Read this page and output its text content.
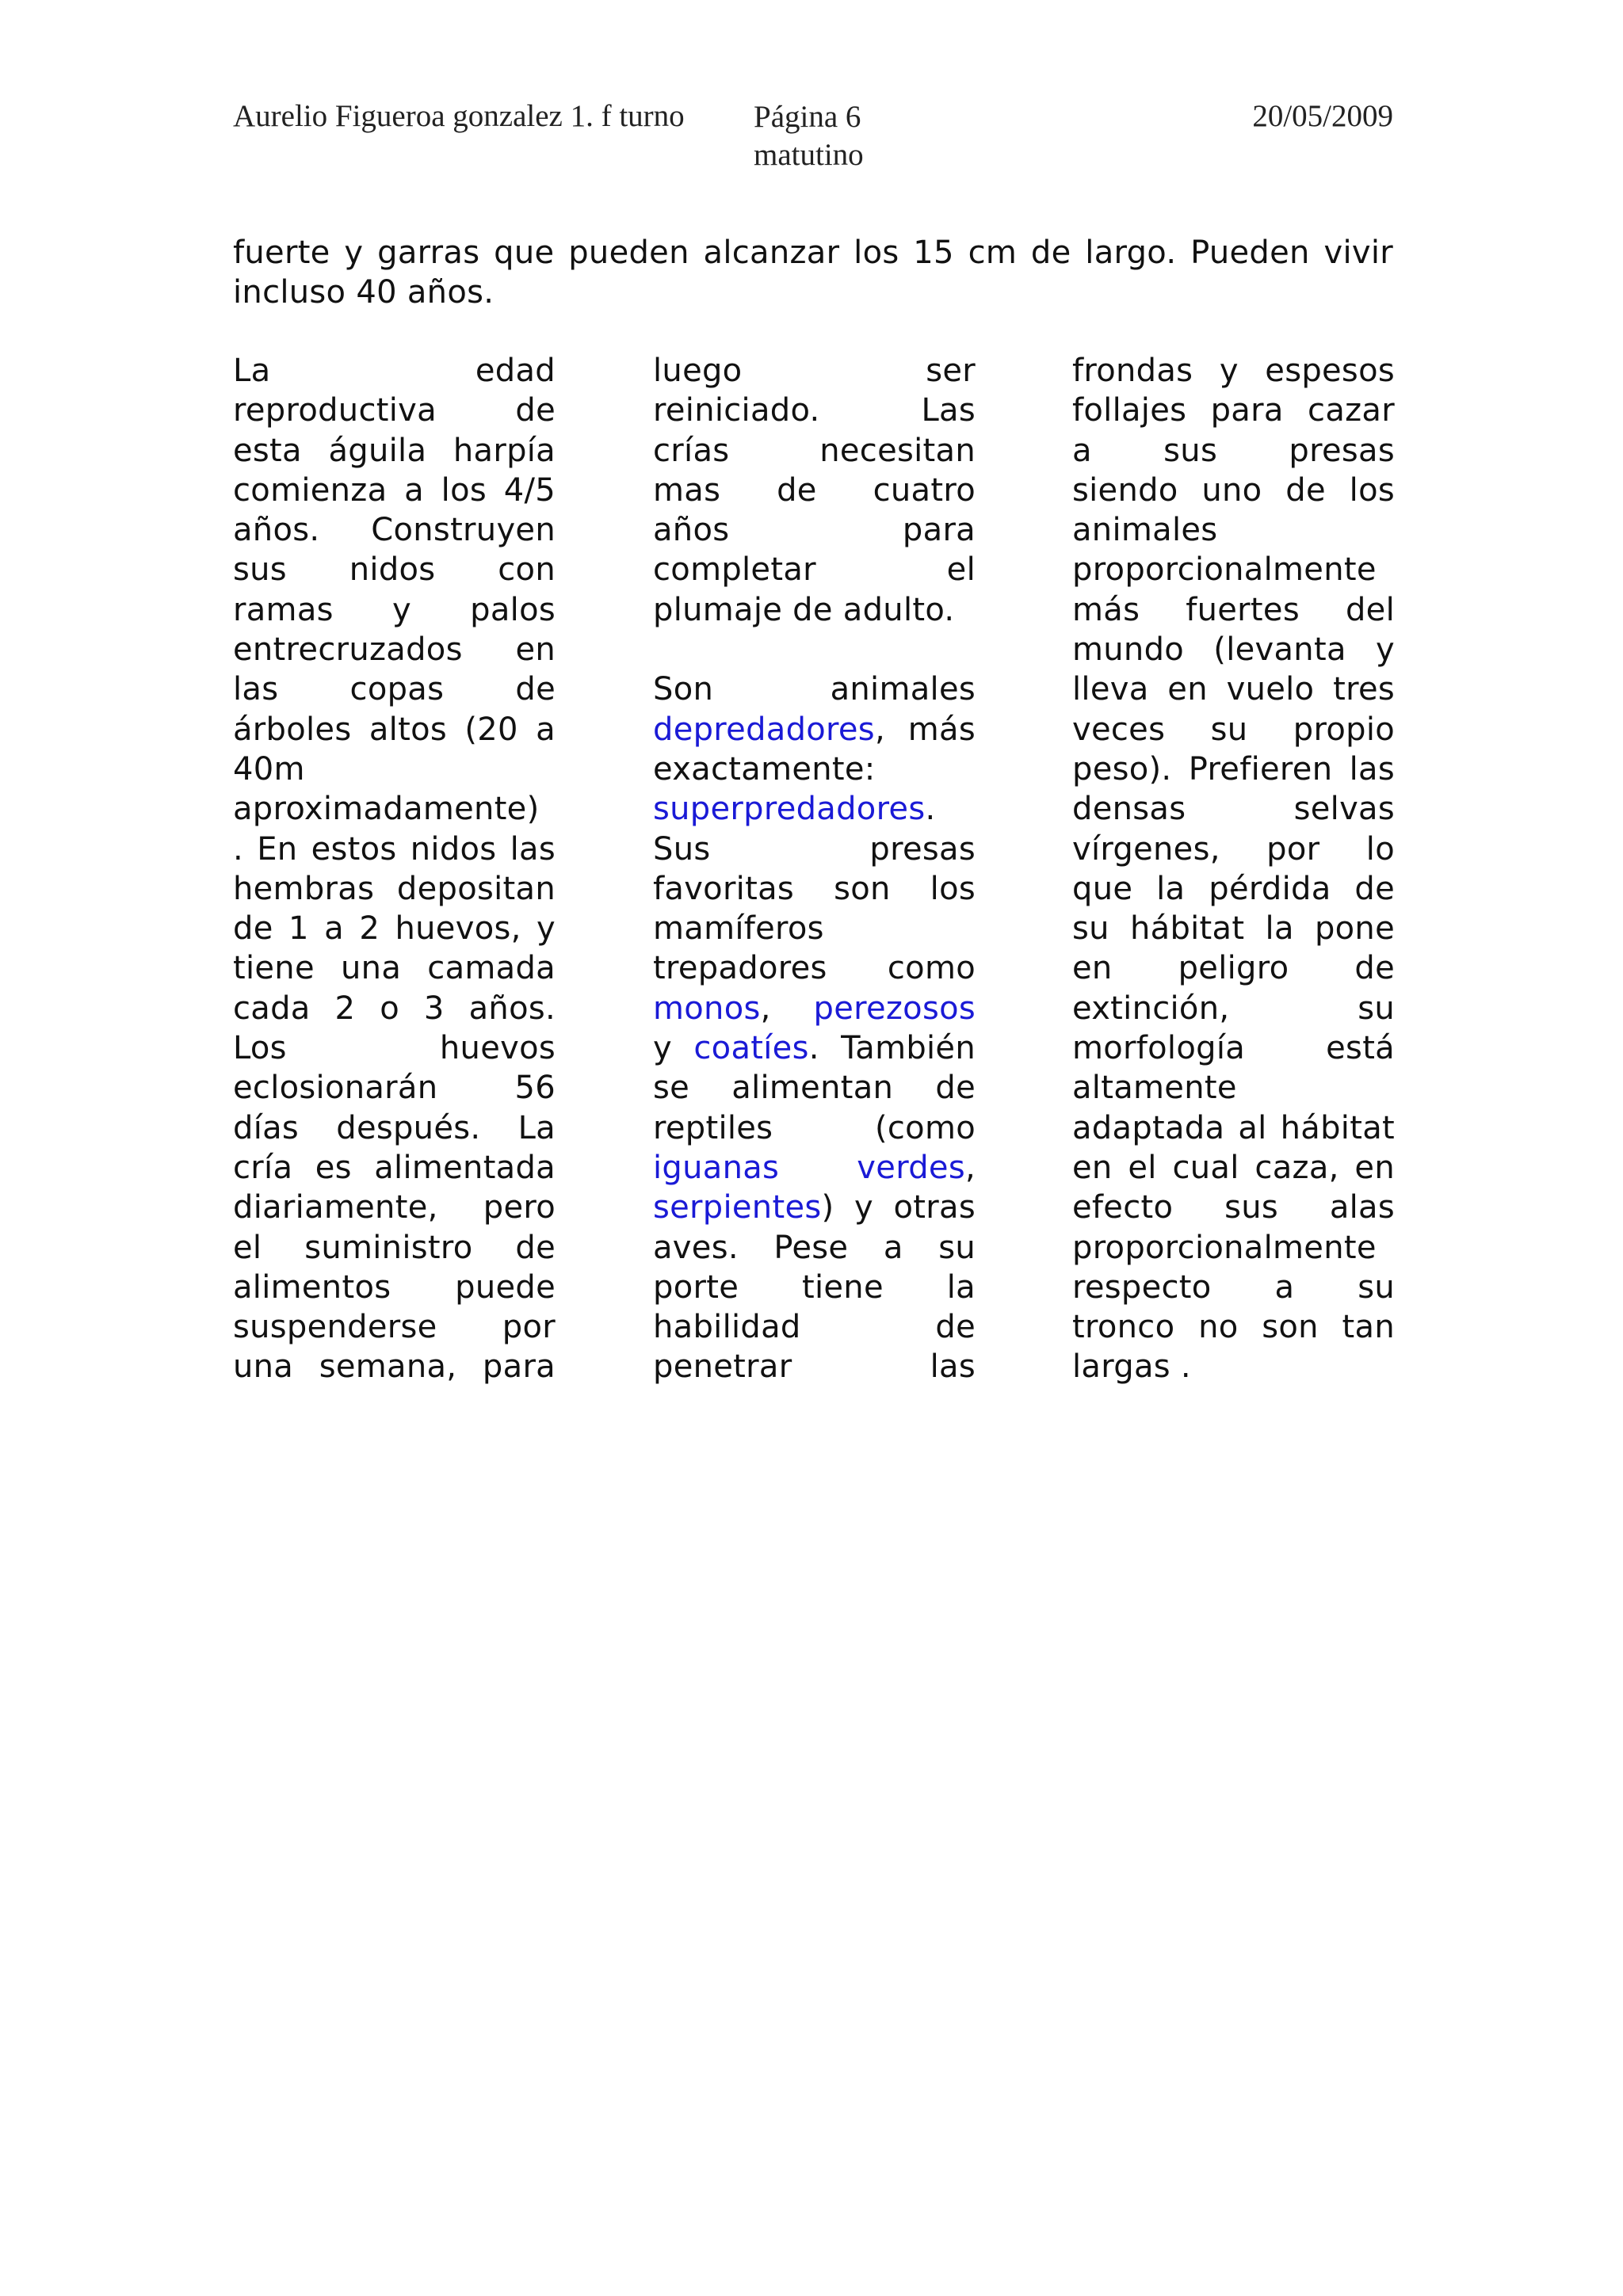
Aurelio Figueroa gonzalez 1. f turno Página 6
matutino
20/05/2009
fuerte y garras que pueden alcanzar los 15 cm de largo. Pueden vivir
incluso 40 años.
La edad
reproductiva de
esta águila harpía
comienza a los 4/5
años. Construyen
sus nidos con
ramas y palos
entrecruzados en
las copas de
árboles altos (20 a
40m
aproximadamente)
. En estos nidos las
hembras depositan
de 1 a 2 huevos, y
tiene una camada
cada 2 o 3 años.
Los huevos
eclosionarán 56
días después. La
cría es alimentada
diariamente, pero
el suministro de
alimentos puede
suspenderse por
una semana, para
luego ser
reiniciado. Las
crías necesitan
mas de cuatro
años para
completar el
plumaje de adulto.

Son animales
depredadores, más
exactamente:
superpredadores.
Sus presas
favoritas son los
mamíferos
trepadores como
monos, perezosos
y coatíes. También
se alimentan de
reptiles (como
iguanas verdes,
serpientes) y otras
aves. Pese a su
porte tiene la
habilidad de
penetrar las
frondas y espesos
follajes para cazar
a sus presas
siendo uno de los
animales
proporcionalmente
más fuertes del
mundo (levanta y
lleva en vuelo tres
veces su propio
peso). Prefieren las
densas selvas
vírgenes, por lo
que la pérdida de
su hábitat la pone
en peligro de
extinción, su
morfología está
altamente
adaptada al hábitat
en el cual caza, en
efecto sus alas
proporcionalmente
respecto a su
tronco no son tan
largas .
